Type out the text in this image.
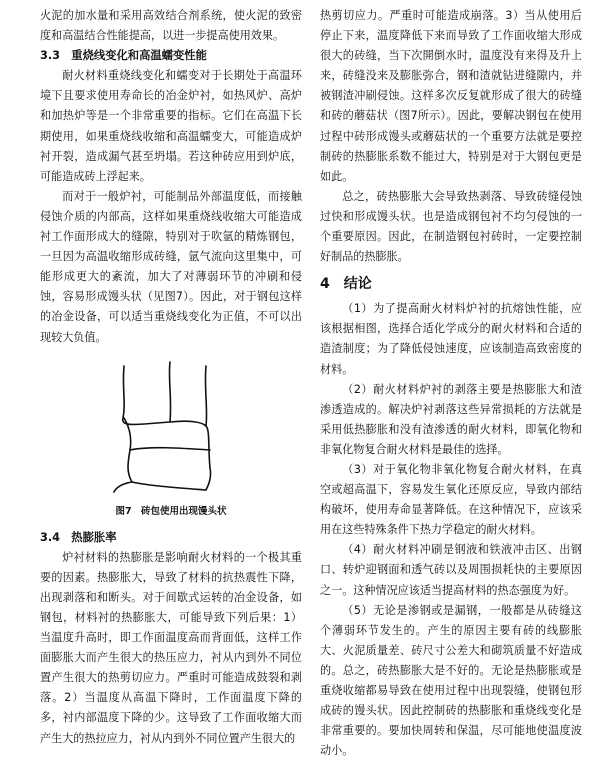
火泥的加水量和采用高效结合剂系统，使火泥的致密度和高温结合性能提高，以进一步提高使用效果。

3.3　重烧线变化和高温蠕变性能

耐火材料重烧线变化和蠕变对于长期处于高温环境下且要求使用寿命长的冶金炉衬，如热风炉、高炉和加热炉等是一个非常重要的指标。它们在高温下长期使用，如果重烧线收缩和高温蠕变大，可能造成炉衬开裂，造成漏气甚至坍塌。若这种砖应用到炉底，可能造成砖上浮起来。

而对于一般炉衬，可能制品外部温度低，而接触侵蚀介质的内部高，这样如果重烧线收缩大可能造成衬工作面形成大的缝隙，特别对于吹氩的精炼钢包，一旦因为高温收缩形成砖缝，氩气流向这里集中，可能形成更大的紊流，加大了对薄弱环节的冲刷和侵蚀，容易形成馒头状（见图7）。因此，对于钢包这样的冶金设备，可以适当重烧线变化为正值，不可以出现较大负值。

图7　砖包使用出现馒头状
3.4　热膨胀率

炉衬材料的热膨胀是影响耐火材料的一个极其重要的因素。热膨胀大，导致了材料的抗热震性下降，出现剥落和和断头。对于间歇式运转的冶金设备，如钢包，材料衬的热膨胀大，可能导致下列后果：1）当温度升高时，即工作面温度高而背面低，这样工作面膨胀大而产生很大的热压应力，衬从内到外不同位置产生很大的热剪切应力。严重时可能造成鼓裂和剥落。2）当温度从高温下降时，工作面温度下降的多，衬内部温度下降的少。这导致了工作面收缩大而产生大的热拉应力，衬从内到外不同位置产生很大的

热剪切应力。严重时可能造成崩落。3）当从使用后停止下来，温度降低下来而导致了工作面收缩大形成很大的砖缝，当下次開倒水时，温度没有来得及升上来，砖缝没来及膨胀弥合，钢和渣就钻进缝隙内，并被钢渣冲刷侵蚀。这样多次反复就形成了很大的砖缝和砖的蘑菇状（图7所示）。因此，要解决钢包在使用过程中砖形成馒头或蘑菇状的一个重要方法就是要控制砖的热膨胀系数不能过大，特别是对于大钢包更是如此。

总之，砖热膨胀大会导致热剥落、导致砖缝侵蚀过快和形成馒头状。也是造成钢包衬不均匀侵蚀的一个重要原因。因此，在制造钢包衬砖时，一定要控制好制品的热膨胀。

4　结论

（1）为了提高耐火材料炉衬的抗熔蚀性能，应该根据相图，选择合适化学成分的耐火材料和合适的造渣制度；为了降低侵蚀速度，应该制造高致密度的材料。

（2）耐火材料炉衬的剥落主要是热膨胀大和渣渗透造成的。解决炉衬剥落这些异常损耗的方法就是采用低热膨胀和没有渣渗透的耐火材料，即氧化物和非氧化物复合耐火材料是最佳的选择。

（3）对于氧化物非氧化物复合耐火材料，在真空或超高温下，容易发生氧化还原反应，导致内部结构破坏，使用寿命显著降低。在这种情况下，应该采用在这些特殊条件下热力学稳定的耐火材料。

（4）耐火材料冲刷是钢液和铁液冲击区、出钢口、转炉迎钢面和透气砖以及周围损耗快的主要原因之一。这种情况应该适当提高材料的热态强度为好。

（5）无论是渗钢或是漏钢，一般都是从砖缝这个薄弱环节发生的。产生的原因主要有砖的线膨胀大、火泥质量差、砖尺寸公差大和砌筑质量不好造成的。总之，砖热膨胀大是不好的。无论是热膨胀或是重烧收缩都易导致在使用过程中出现裂缝，使钢包形成砖的馒头状。因此控制砖的热膨胀和重烧线变化是非常重要的。要加快周转和保温，尽可能地使温度波动小。
